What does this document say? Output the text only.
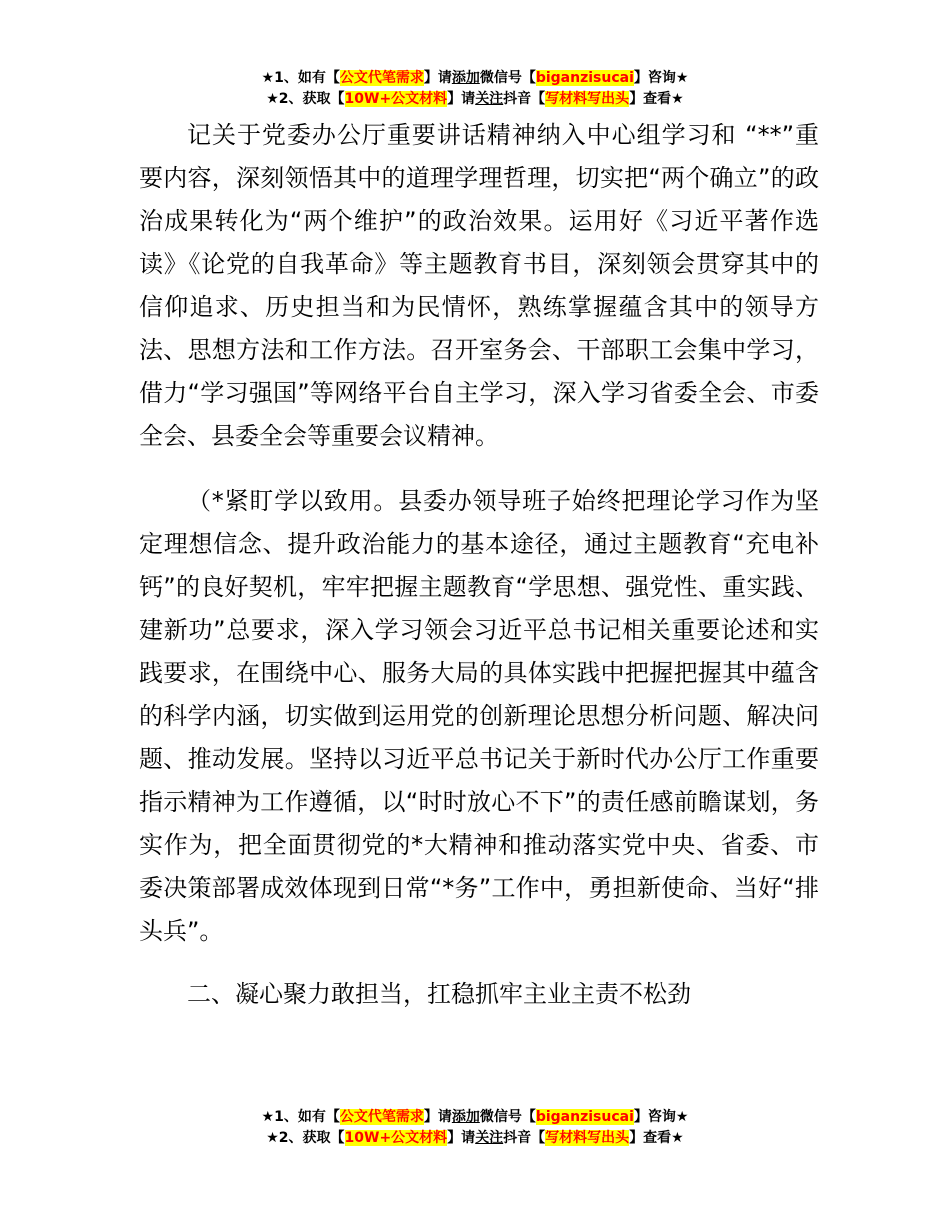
★1、如有【公文代笔需求】请添加微信号【biganzisucai】咨询★
★2、获取【10W+公文材料】请关注抖音【写材料写出头】查看★

记关于党委办公厅重要讲话精神纳入中心组学习和 “**”重要内容，深刻领悟其中的道理学理哲理，切实把“两个确立”的政治成果转化为“两个维护”的政治效果。运用好《习近平著作选读》《论党的自我革命》等主题教育书目，深刻领会贯穿其中的信仰追求、历史担当和为民情怀，熟练掌握蕴含其中的领导方法、思想方法和工作方法。召开室务会、干部职工会集中学习，借力“学习强国”等网络平台自主学习，深入学习省委全会、市委全会、县委全会等重要会议精神。

（*紧盯学以致用。县委办领导班子始终把理论学习作为坚定理想信念、提升政治能力的基本途径，通过主题教育“充电补钙”的良好契机，牢牢把握主题教育“学思想、强党性、重实践、建新功”总要求，深入学习领会习近平总书记相关重要论述和实践要求，在围绕中心、服务大局的具体实践中把握把握其中蕴含的科学内涵，切实做到运用党的创新理论思想分析问题、解决问题、推动发展。坚持以习近平总书记关于新时代办公厅工作重要指示精神为工作遵循，以“时时放心不下”的责任感前瞻谋划，务实作为，把全面贯彻党的*大精神和推动落实党中央、省委、市委决策部署成效体现到日常“*务”工作中，勇担新使命、当好“排头兵”。

二、凝心聚力敢担当，扛稳抓牢主业主责不松劲

★1、如有【公文代笔需求】请添加微信号【biganzisucai】咨询★
★2、获取【10W+公文材料】请关注抖音【写材料写出头】查看★
